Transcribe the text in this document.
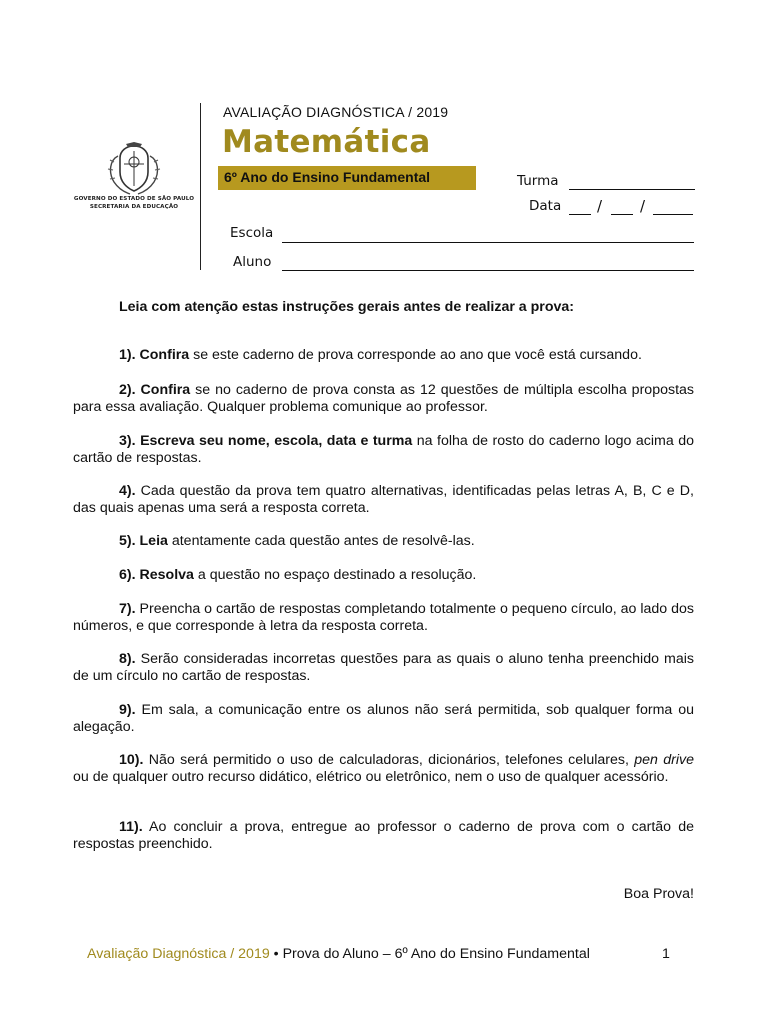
GOVERNO DO ESTADO DE SÃO PAULO
SECRETARIA DA EDUCAÇÃO
AVALIAÇÃO DIAGNÓSTICA / 2019
Matemática
6º Ano do Ensino Fundamental	Turma
Data /	/
Escola
Aluno
Leia com atenção estas instruções gerais antes de realizar a prova:

1). Confira se este caderno de prova corresponde ao ano que você está cursando.

2). Confira se no caderno de prova consta as 12 questões de múltipla escolha propostas para essa avaliação. Qualquer problema comunique ao professor.

3). Escreva seu nome, escola, data e turma na folha de rosto do caderno logo acima do cartão de respostas.

4). Cada questão da prova tem quatro alternativas, identificadas pelas letras A, B, C e D, das quais apenas uma será a resposta correta.

5). Leia atentamente cada questão antes de resolvê-las.

6). Resolva a questão no espaço destinado a resolução.

7). Preencha o cartão de respostas completando totalmente o pequeno círculo, ao lado dos números, e que corresponde à letra da resposta correta.

8). Serão consideradas incorretas questões para as quais o aluno tenha preenchido mais de um círculo no cartão de respostas.

9). Em sala, a comunicação entre os alunos não será permitida, sob qualquer forma ou alegação.

10). Não será permitido o uso de calculadoras, dicionários, telefones celulares, pen drive ou de qualquer outro recurso didático, elétrico ou eletrônico, nem o uso de qualquer acessório.

11). Ao concluir a prova, entregue ao professor o caderno de prova com o cartão de respostas preenchido.

Boa Prova!
Avaliação Diagnóstica / 2019 • Prova do Aluno – 6º Ano do Ensino Fundamental	1
